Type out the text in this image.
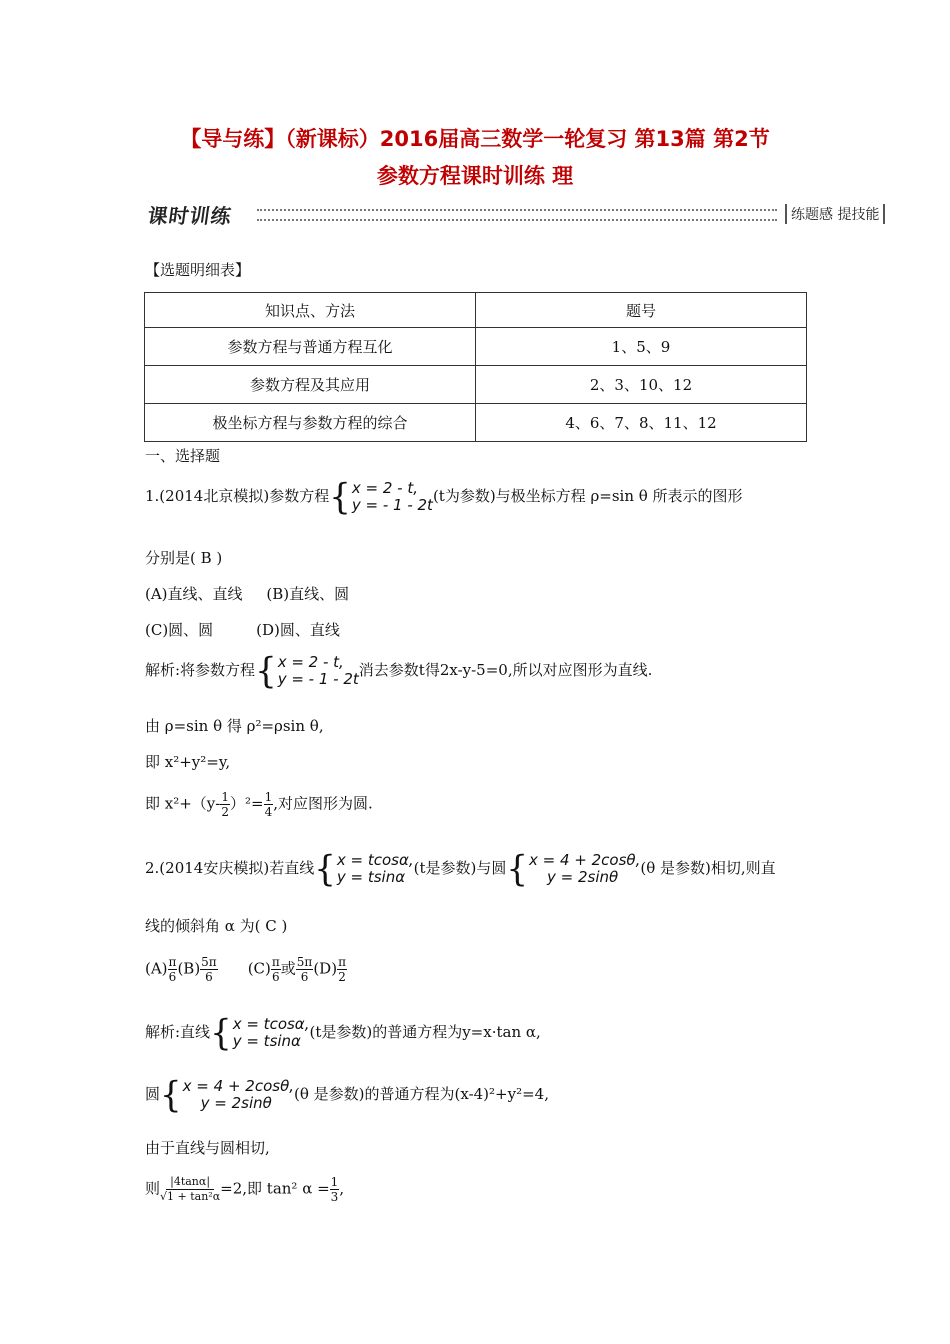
【导与练】（新课标）2016届高三数学一轮复习 第13篇 第2节
参数方程课时训练 理
课时训练	练题感 提技能
【选题明细表】
知识点、方法	题号
参数方程与普通方程互化	1、5、9
参数方程及其应用	2、3、10、12
极坐标方程与参数方程的综合	4、6、7、8、11、12
一、选择题
1.(2014北京模拟)参数方程 { x = 2 - t,
y = - 1 - 2t (t为参数)与极坐标方程 ρ=sin θ 所表示的图形
分别是( B )
(A)直线、直线     (B)直线、圆
(C)圆、圆         (D)圆、直线
解析:将参数方程 { x = 2 - t,
y = - 1 - 2t 消去参数t得2x-y-5=0,所以对应图形为直线.
由 ρ=sin θ 得 ρ²=ρsin θ,
即 x²+y²=y,
即 $x^2+(y- \frac{1}{2} )^2= \frac{1}{4}$ ,对应图形为圆.
2.(2014安庆模拟)若直线 { x = tcosα,
y = tsinα (t是参数)与圆 { x = 4 + 2cosθ,
y = 2sinθ	(θ 是参数)相切,则直
线的倾斜角 α 为( C )
$(A) \frac{\pi}{6} (B) \frac{5\pi}{6} (C) \frac{\pi}{6}$ 或 $\frac{5\pi}{6} (D) \frac{\pi}{2}$
解析:直线 { x = tcosα,
y = tsinα (t是参数)的普通方程为y=x·tan α,
圆 { x = 4 + 2cosθ,
y = 2sinθ	(θ 是参数)的普通方程为(x-4)²+y²=4,
由于直线与圆相切,
则 $\frac{|4\tan\alpha|}{\text{√1 + tan²α}} =2$,即 tan² $\alpha = \frac{1}{3}$ ,
